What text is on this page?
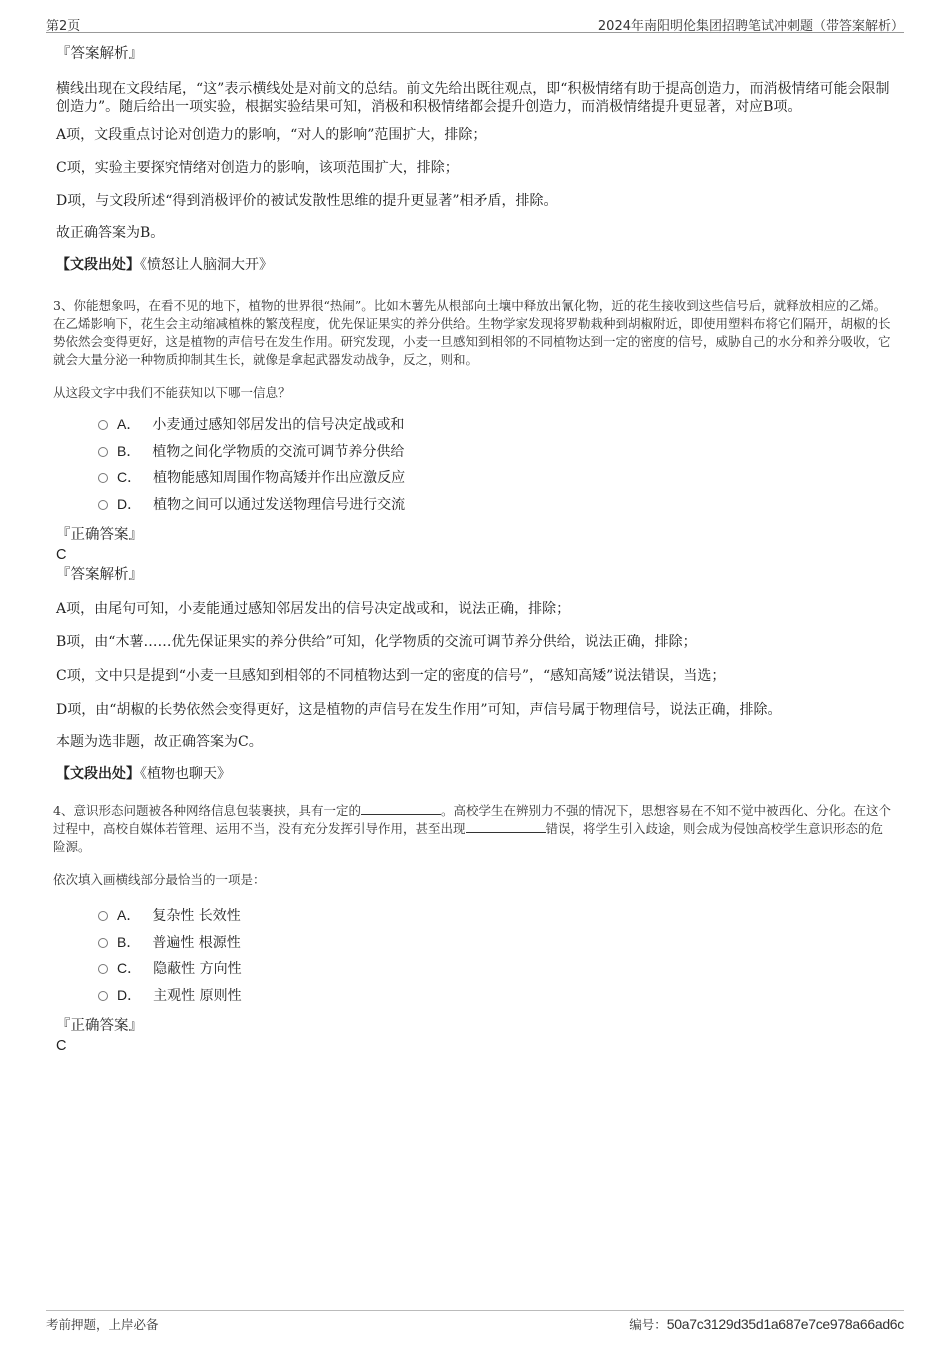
第2页	2024年南阳明伦集团招聘笔试冲刺题（带答案解析）
『答案解析』
横线出现在文段结尾，“这”表示横线处是对前文的总结。前文先给出既往观点，即“积极情绪有助于提高创造力，而消极情绪可能会限制创造力”。随后给出一项实验，根据实验结果可知，消极和积极情绪都会提升创造力，而消极情绪提升更显著，对应B项。
A项，文段重点讨论对创造力的影响，“对人的影响”范围扩大，排除；
C项，实验主要探究情绪对创造力的影响，该项范围扩大，排除；
D项，与文段所述“得到消极评价的被试发散性思维的提升更显著”相矛盾，排除。
故正确答案为B。
【文段出处】《愤怒让人脑洞大开》
3、你能想象吗，在看不见的地下，植物的世界很“热闹”。比如木薯先从根部向土壤中释放出氰化物，近的花生接收到这些信号后，就释放相应的乙烯。在乙烯影响下，花生会主动缩减植株的繁茂程度，优先保证果实的养分供给。生物学家发现将罗勒栽种到胡椒附近，即使用塑料布将它们隔开，胡椒的长势依然会变得更好，这是植物的声信号在发生作用。研究发现，小麦一旦感知到相邻的不同植物达到一定的密度的信号，威胁自己的水分和养分吸收，它就会大量分泌一种物质抑制其生长，就像是拿起武器发动战争，反之，则和。
从这段文字中我们不能获知以下哪一信息？
A． 小麦通过感知邻居发出的信号决定战或和
B． 植物之间化学物质的交流可调节养分供给
C． 植物能感知周围作物高矮并作出应激反应
D． 植物之间可以通过发送物理信号进行交流
『正确答案』
C
『答案解析』
A项，由尾句可知，小麦能通过感知邻居发出的信号决定战或和，说法正确，排除；
B项，由“木薯……优先保证果实的养分供给”可知，化学物质的交流可调节养分供给，说法正确，排除；
C项，文中只是提到“小麦一旦感知到相邻的不同植物达到一定的密度的信号”，“感知高矮”说法错误，当选；
D项，由“胡椒的长势依然会变得更好，这是植物的声信号在发生作用”可知，声信号属于物理信号，说法正确，排除。
本题为选非题，故正确答案为C。
【文段出处】《植物也聊天》
4、意识形态问题被各种网络信息包装裹挟，具有一定的	。高校学生在辨别力不强的情况下，思想容易在不知不觉中被西化、分化。在这个过程中，高校自媒体若管理、运用不当，没有充分发挥引导作用，甚至出现	错误，将学生引入歧途，则会成为侵蚀高校学生意识形态的危险源。
依次填入画横线部分最恰当的一项是：
A． 复杂性 长效性
B． 普遍性 根源性
C． 隐蔽性 方向性
D． 主观性 原则性
『正确答案』
C
考前押题，上岸必备	编号：50a7c3129d35d1a687e7ce978a66ad6c
